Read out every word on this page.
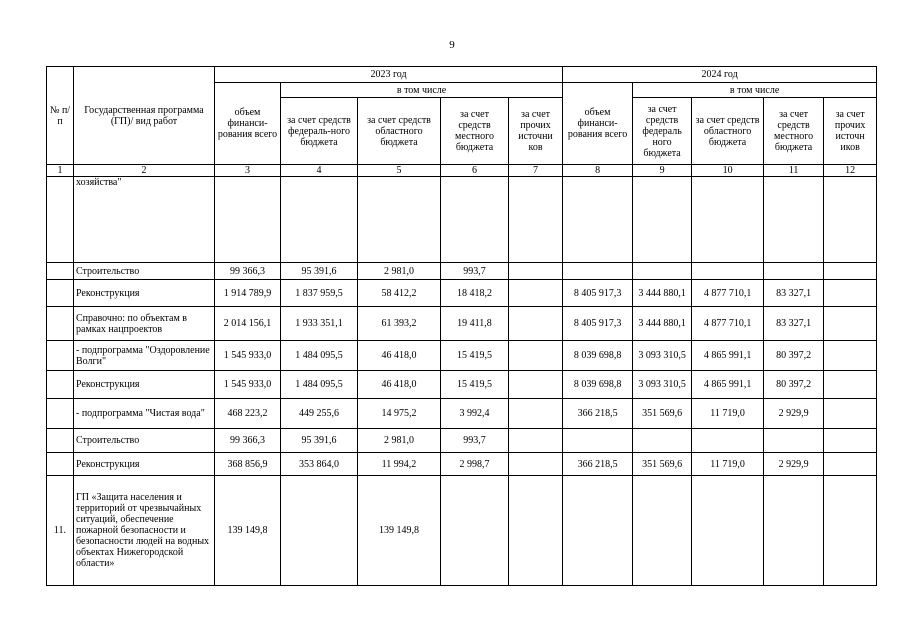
9
№ п/п	Государственная программа (ГП)/ вид работ	2023 год					2024 год				
		объем финанси-рования всего	в том числе				объем финанси-рования всего	в том числе			
			за счет средств федераль-ного бюджета	за счет средств областного бюджета	за счет средств местного бюджета	за счет прочих источни ков		за счет средств федераль ного бюджета	за счет средств областного бюджета	за счет средств местного бюджета	за счет прочих источн иков
1	2	3	4	5	6	7	8	9	10	11	12
	хозяйства"										
	Строительство	99 366,3	95 391,6	2 981,0	993,7						
	Реконструкция	1 914 789,9	1 837 959,5	58 412,2	18 418,2		8 405 917,3	3 444 880,1	4 877 710,1	83 327,1	
	Справочно: по объектам в рамках нацпроектов	2 014 156,1	1 933 351,1	61 393,2	19 411,8		8 405 917,3	3 444 880,1	4 877 710,1	83 327,1	
	- подпрограмма "Оздоровление Волги"	1 545 933,0	1 484 095,5	46 418,0	15 419,5		8 039 698,8	3 093 310,5	4 865 991,1	80 397,2	
	Реконструкция	1 545 933,0	1 484 095,5	46 418,0	15 419,5		8 039 698,8	3 093 310,5	4 865 991,1	80 397,2	
	- подпрограмма "Чистая вода"	468 223,2	449 255,6	14 975,2	3 992,4		366 218,5	351 569,6	11 719,0	2 929,9	
	Строительство	99 366,3	95 391,6	2 981,0	993,7						
	Реконструкция	368 856,9	353 864,0	11 994,2	2 998,7		366 218,5	351 569,6	11 719,0	2 929,9	
11.	ГП «Защита населения и территорий от чрезвычайных ситуаций, обеспечение пожарной безопасности и безопасности людей на водных объектах Нижегородской области»	139 149,8		139 149,8							
